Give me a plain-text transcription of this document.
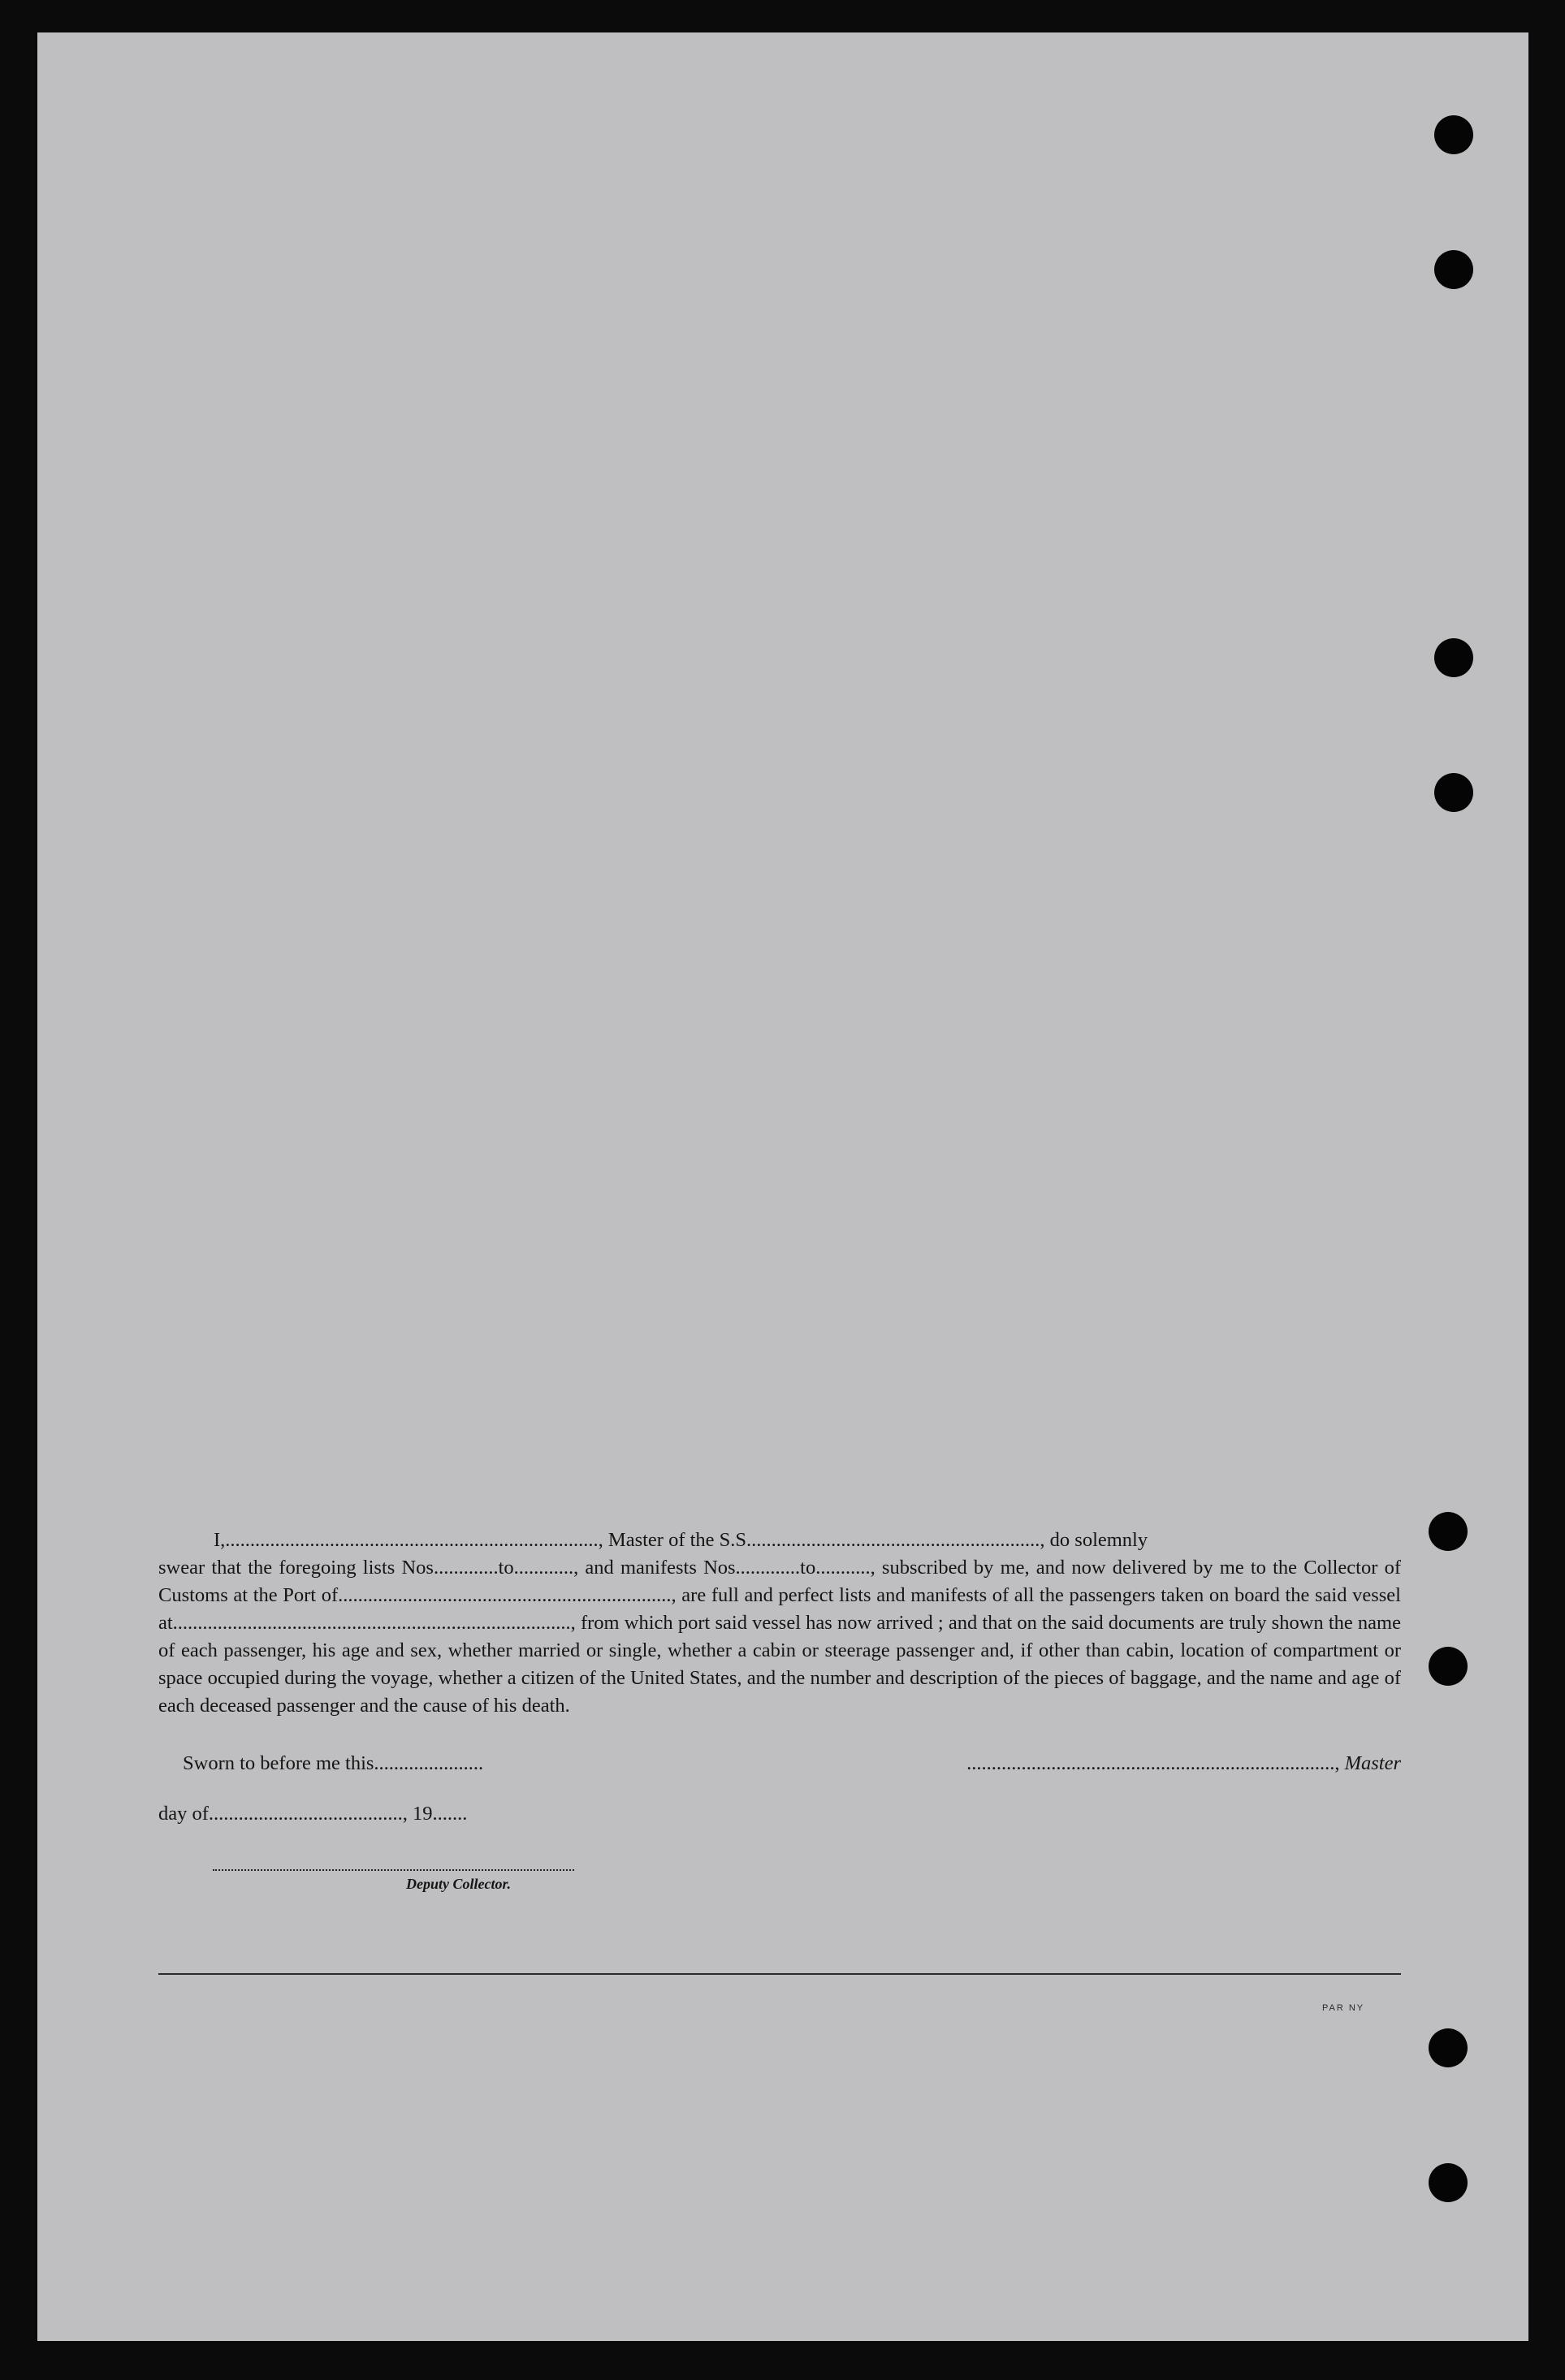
I,..........................................................................., Master of the S.S..........................................................., do solemnly
swear that the foregoing lists Nos.............to............, and manifests Nos.............to..........., subscribed by me, and now delivered by me to the Collector of Customs at the Port of..................................................................., are full and perfect lists and manifests of all the passengers taken on board the said vessel at................................................................................, from which port said vessel has now arrived ; and that on the said documents are truly shown the name of each passenger, his age and sex, whether married or single, whether a cabin or steerage passenger and, if other than cabin, location of compartment or space occupied during the voyage, whether a citizen of the United States, and the number and description of the pieces of baggage, and the name and age of each deceased passenger and the cause of his death.

Sworn to before me this......................	.........................................................................., Master
day of......................................., 19.......
Deputy Collector.
PAR NY
